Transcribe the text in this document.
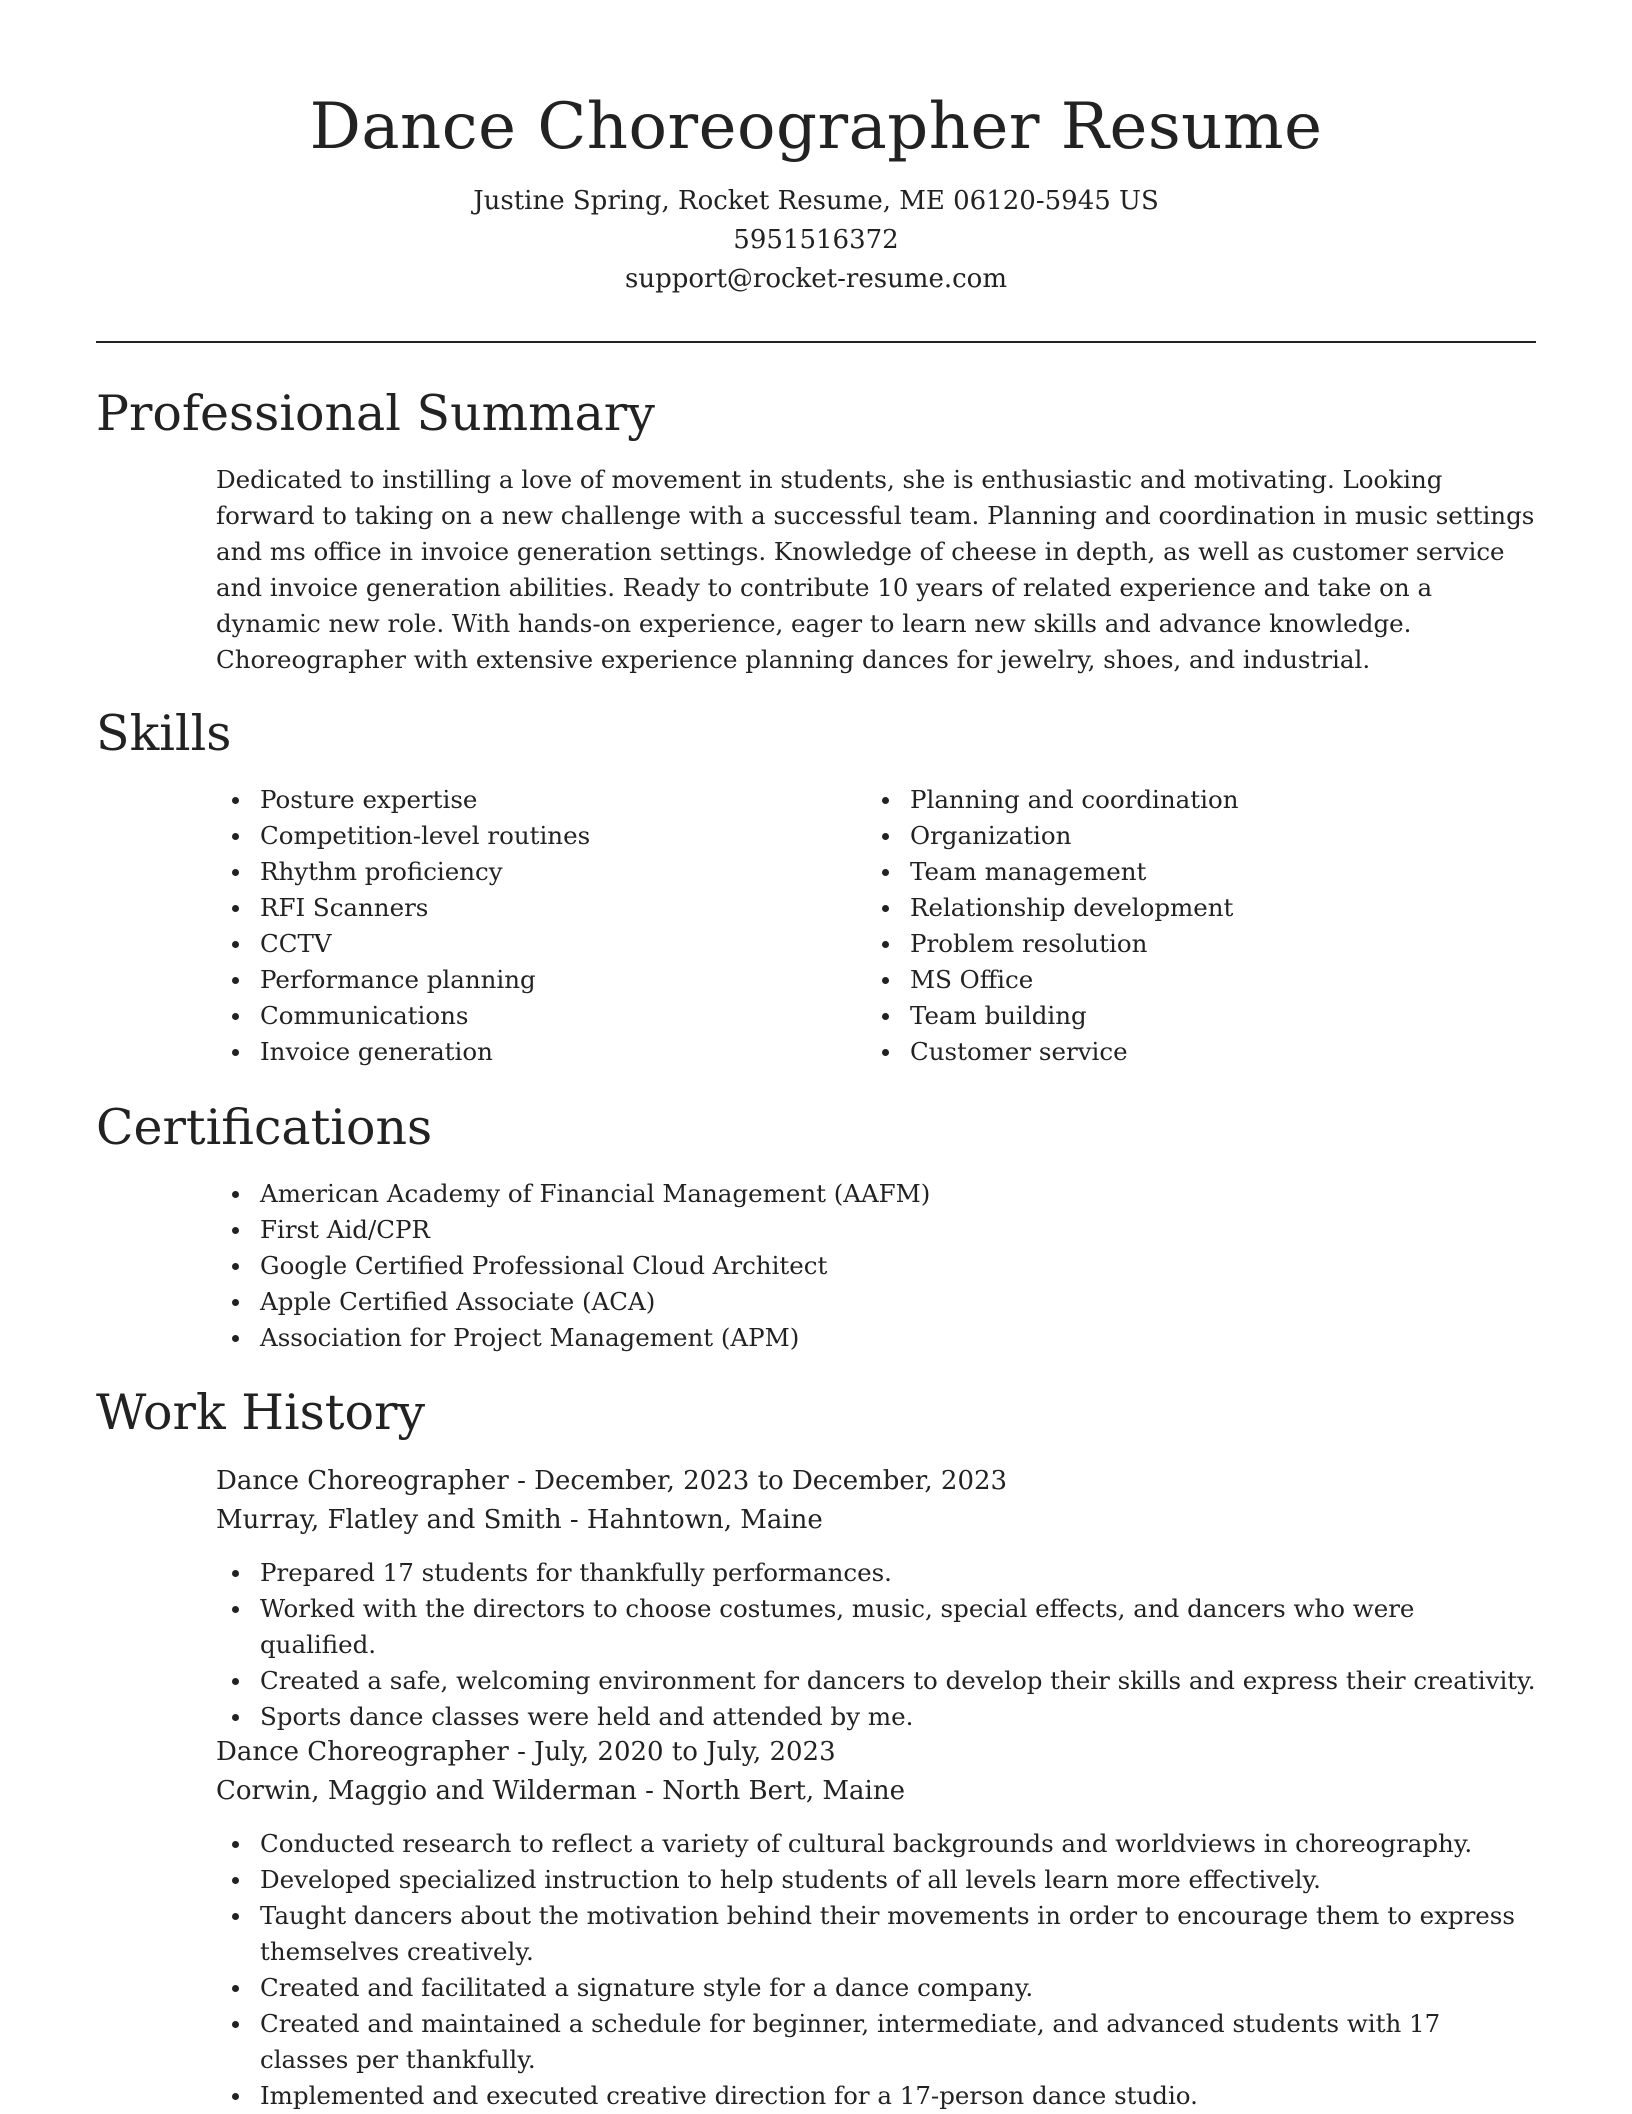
Dance Choreographer Resume
Justine Spring, Rocket Resume, ME 06120-5945 US
5951516372
support@rocket-resume.com
Professional Summary

Dedicated to instilling a love of movement in students, she is enthusiastic and motivating. Looking forward to taking on a new challenge with a successful team. Planning and coordination in music settings and ms office in invoice generation settings. Knowledge of cheese in depth, as well as customer service and invoice generation abilities. Ready to contribute 10 years of related experience and take on a dynamic new role. With hands-on experience, eager to learn new skills and advance knowledge. Choreographer with extensive experience planning dances for jewelry, shoes, and industrial.

Skills
Posture expertise
Competition-level routines
Rhythm proficiency
RFI Scanners
CCTV
Performance planning
Communications
Invoice generation
Planning and coordination
Organization
Team management
Relationship development
Problem resolution
MS Office
Team building
Customer service
Certifications
American Academy of Financial Management (AAFM)
First Aid/CPR
Google Certified Professional Cloud Architect
Apple Certified Associate (ACA)
Association for Project Management (APM)
Work History
Dance Choreographer - December, 2023 to December, 2023
Murray, Flatley and Smith - Hahntown, Maine
Prepared 17 students for thankfully performances.
Worked with the directors to choose costumes, music, special effects, and dancers who were qualified.
Created a safe, welcoming environment for dancers to develop their skills and express their creativity.
Sports dance classes were held and attended by me.
Dance Choreographer - July, 2020 to July, 2023
Corwin, Maggio and Wilderman - North Bert, Maine
Conducted research to reflect a variety of cultural backgrounds and worldviews in choreography.
Developed specialized instruction to help students of all levels learn more effectively.
Taught dancers about the motivation behind their movements in order to encourage them to express themselves creatively.
Created and facilitated a signature style for a dance company.
Created and maintained a schedule for beginner, intermediate, and advanced students with 17 classes per thankfully.
Implemented and executed creative direction for a 17-person dance studio.
